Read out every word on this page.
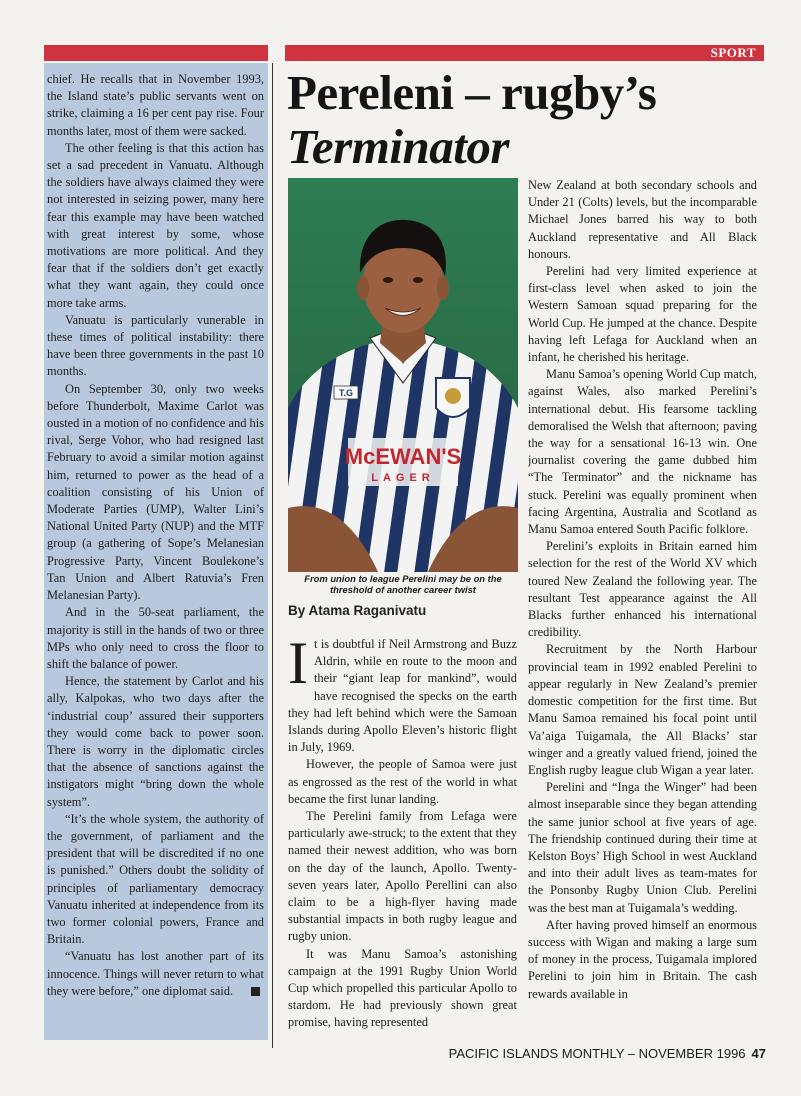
SPORT

chief. He recalls that in November 1993, the Island state’s public servants went on strike, claiming a 16 per cent pay rise. Four months later, most of them were sacked.

The other feeling is that this action has set a sad precedent in Vanuatu. Although the soldiers have always claimed they were not interested in seizing power, many here fear this example may have been watched with great interest by some, whose motivations are more political. And they fear that if the soldiers don’t get exactly what they want again, they could once more take arms.

Vanuatu is particularly vunerable in these times of political instability: there have been three governments in the past 10 months.

On September 30, only two weeks before Thunderbolt, Maxime Carlot was ousted in a motion of no confidence and his rival, Serge Vohor, who had resigned last February to avoid a similar motion against him, returned to power as the head of a coalition consisting of his Union of Moderate Parties (UMP), Walter Lini’s National United Party (NUP) and the MTF group (a gathering of Sope’s Melanesian Progressive Party, Vincent Boulekone’s Tan Union and Albert Ratuvia’s Fren Melanesian Party).

And in the 50-seat parliament, the majority is still in the hands of two or three MPs who only need to cross the floor to shift the balance of power.

Hence, the statement by Carlot and his ally, Kalpokas, who two days after the ‘industrial coup’ assured their supporters they would come back to power soon. There is worry in the diplomatic circles that the absence of sanctions against the instigators might “bring down the whole system”.

“It’s the whole system, the authority of the government, of parliament and the president that will be discredited if no one is punished.” Others doubt the solidity of principles of parliamentary democracy Vanuatu inherited at independence from its two former colonial powers, France and Britain.

“Vanuatu has lost another part of its innocence. Things will never return to what they were before,” one diplomat said.

Pereleni – rugby’s
Terminator
T.G
McEWAN'S
LAGER
From union to league Perelini may be on the threshold of another career twist
By Atama Raganivatu

It is doubtful if Neil Armstrong and Buzz Aldrin, while en route to the moon and their “giant leap for mankind”, would have recognised the specks on the earth they had left behind which were the Samoan Islands during Apollo Eleven’s historic flight in July, 1969.

However, the people of Samoa were just as engrossed as the rest of the world in what became the first lunar landing.

The Perelini family from Lefaga were particularly awe-struck; to the extent that they named their newest addition, who was born on the day of the launch, Apollo. Twenty-seven years later, Apollo Perellini can also claim to be a high-flyer having made substantial impacts in both rugby league and rugby union.

It was Manu Samoa’s astonishing campaign at the 1991 Rugby Union World Cup which propelled this particular Apollo to stardom. He had previously shown great promise, having represented

New Zealand at both secondary schools and Under 21 (Colts) levels, but the incomparable Michael Jones barred his way to both Auckland representative and All Black honours.

Perelini had very limited experience at first-class level when asked to join the Western Samoan squad preparing for the World Cup. He jumped at the chance. Despite having left Lefaga for Auckland when an infant, he cherished his heritage.

Manu Samoa’s opening World Cup match, against Wales, also marked Perelini’s international debut. His fearsome tackling demoralised the Welsh that afternoon; paving the way for a sensational 16-13 win. One journalist covering the game dubbed him “The Terminator” and the nickname has stuck. Perelini was equally prominent when facing Argentina, Australia and Scotland as Manu Samoa entered South Pacific folklore.

Perelini’s exploits in Britain earned him selection for the rest of the World XV which toured New Zealand the following year. The resultant Test appearance against the All Blacks further enhanced his international credibility.

Recruitment by the North Harbour provincial team in 1992 enabled Perelini to appear regularly in New Zealand’s premier domestic competition for the first time. But Manu Samoa remained his focal point until Va’aiga Tuigamala, the All Blacks’ star winger and a greatly valued friend, joined the English rugby league club Wigan a year later.

Perelini and “Inga the Winger” had been almost inseparable since they began attending the same junior school at five years of age. The friendship continued during their time at Kelston Boys’ High School in west Auckland and into their adult lives as team-mates for the Ponsonby Rugby Union Club. Perelini was the best man at Tuigamala’s wedding.

After having proved himself an enormous success with Wigan and making a large sum of money in the process, Tuigamala implored Perelini to join him in Britain. The cash rewards available in

PACIFIC ISLANDS MONTHLY – NOVEMBER 1996 47
